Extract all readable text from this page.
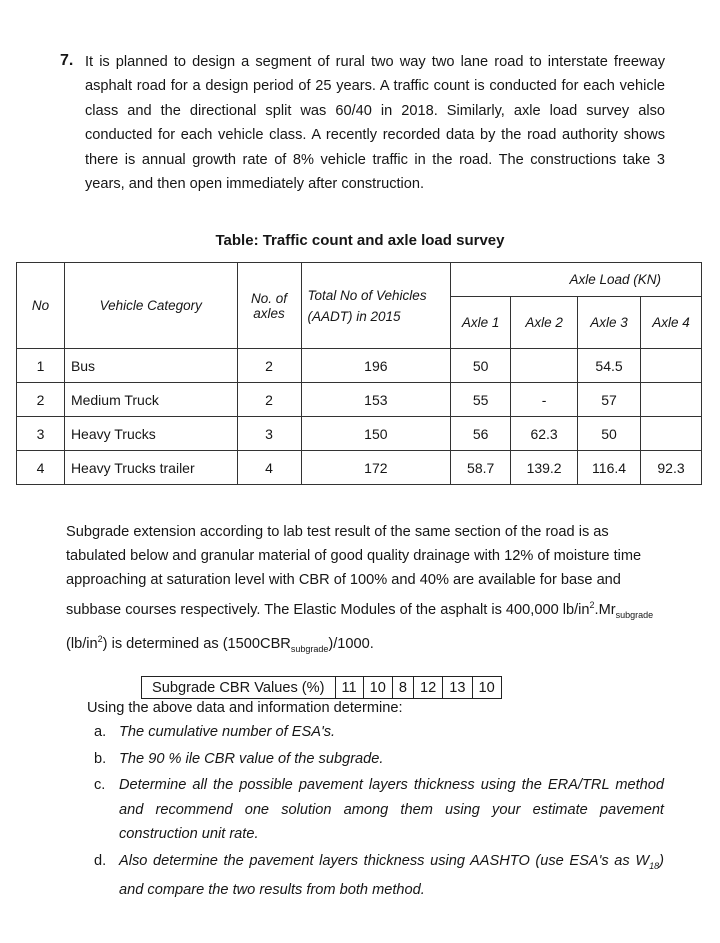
7. It is planned to design a segment of rural two way two lane road to interstate freeway asphalt road for a design period of 25 years. A traffic count is conducted for each vehicle class and the directional split was 60/40 in 2018. Similarly, axle load survey also conducted for each vehicle class. A recently recorded data by the road authority shows there is annual growth rate of 8% vehicle traffic in the road. The constructions take 3 years, and then open immediately after construction.
Table: Traffic count and axle load survey
No	Vehicle Category	No. of axles	Total No of Vehicles (AADT) in 2015	Axle Load (KN)			
				Axle 1	Axle 2	Axle 3	Axle 4
1	Bus	2	196	50		54.5	
2	Medium Truck	2	153	55	-	57	
3	Heavy Trucks	3	150	56	62.3	50	
4	Heavy Trucks trailer	4	172	58.7	139.2	116.4	92.3
Subgrade extension according to lab test result of the same section of the road is as tabulated below and granular material of good quality drainage with 12% of moisture time approaching at saturation level with CBR of 100% and 40% are available for base and subbase courses respectively. The Elastic Modules of the asphalt is 400,000 $lb/in^2.Mr_{subgrade}$ $(lb/in^2)$ is determined as $(1500CBR_{subgrade})/1000$.
Subgrade CBR Values (%)	11	10	8	12	13	10
Using the above data and information determine:
a. The cumulative number of ESA's.
b. The 90 % ile CBR value of the subgrade.
c. Determine all the possible pavement layers thickness using the ERA/TRL method and recommend one solution among them using your estimate pavement construction unit rate.
d. Also determine the pavement layers thickness using AASHTO (use ESA's as $W_{18}$) and compare the two results from both method.
